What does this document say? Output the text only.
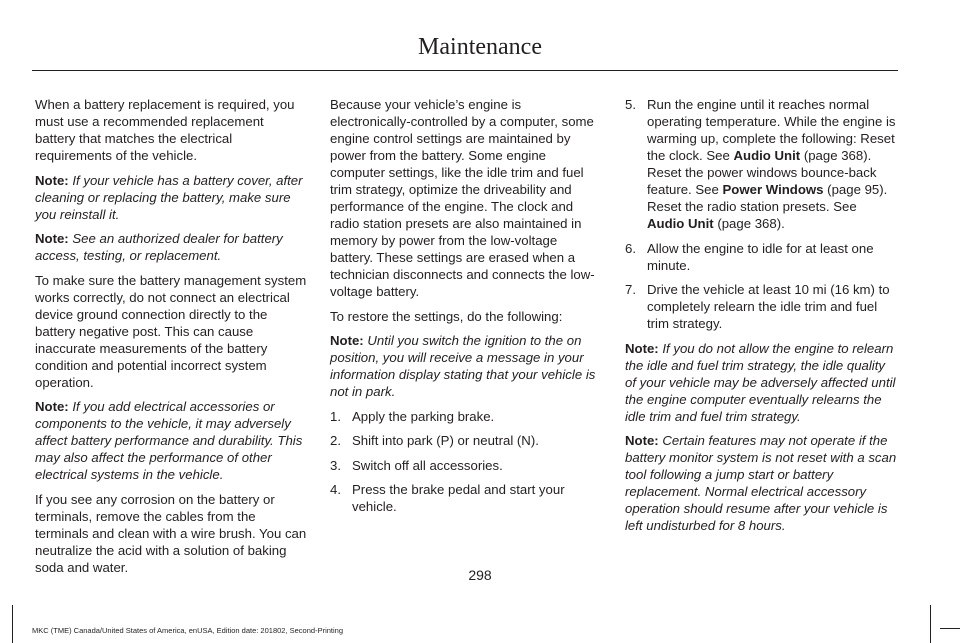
Maintenance

When a battery replacement is required, you must use a recommended replacement battery that matches the electrical requirements of the vehicle.

Note: If your vehicle has a battery cover, after cleaning or replacing the battery, make sure you reinstall it.

Note: See an authorized dealer for battery access, testing, or replacement.

To make sure the battery management system works correctly, do not connect an electrical device ground connection directly to the battery negative post. This can cause inaccurate measurements of the battery condition and potential incorrect system operation.

Note: If you add electrical accessories or components to the vehicle, it may adversely affect battery performance and durability. This may also affect the performance of other electrical systems in the vehicle.

If you see any corrosion on the battery or terminals, remove the cables from the terminals and clean with a wire brush. You can neutralize the acid with a solution of baking soda and water.

Because your vehicle’s engine is electronically-controlled by a computer, some engine control settings are maintained by power from the battery. Some engine computer settings, like the idle trim and fuel trim strategy, optimize the driveability and performance of the engine. The clock and radio station presets are also maintained in memory by power from the low-voltage battery. These settings are erased when a technician disconnects and connects the low-voltage battery.

To restore the settings, do the following:

Note: Until you switch the ignition to the on position, you will receive a message in your information display stating that your vehicle is not in park.

1. Apply the parking brake.
2. Shift into park (P) or neutral (N).
3. Switch off all accessories.
4. Press the brake pedal and start your vehicle.
5. Run the engine until it reaches normal operating temperature. While the engine is warming up, complete the following: Reset the clock. See Audio Unit (page 368). Reset the power windows bounce-back feature. See Power Windows (page 95). Reset the radio station presets. See Audio Unit (page 368).
6. Allow the engine to idle for at least one minute.
7. Drive the vehicle at least 10 mi (16 km) to completely relearn the idle trim and fuel trim strategy.

Note: If you do not allow the engine to relearn the idle and fuel trim strategy, the idle quality of your vehicle may be adversely affected until the engine computer eventually relearns the idle trim and fuel trim strategy.

Note: Certain features may not operate if the battery monitor system is not reset with a scan tool following a jump start or battery replacement. Normal electrical accessory operation should resume after your vehicle is left undisturbed for 8 hours.

298
MKC (TME) Canada/United States of America, enUSA, Edition date: 201802, Second-Printing
